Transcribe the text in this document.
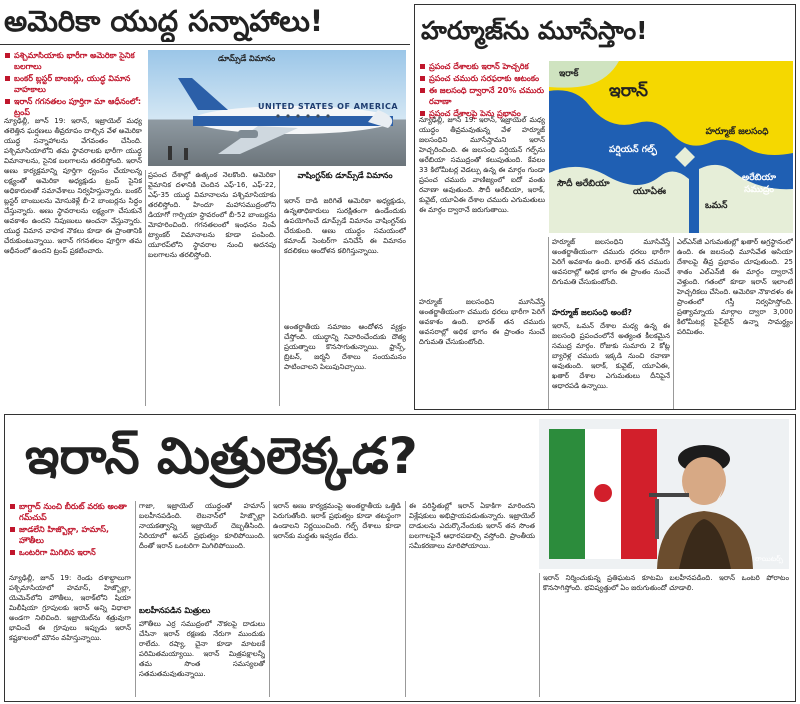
అమెరికా యుద్ధ సన్నాహాలు!
పశ్చిమాసియాకు భారీగా అమెరికా సైనిక బలగాలు
బంకర్ బ్లస్టర్ బాంబర్లు, యుద్ధ విమాన వాహకాలు
ఇరాన్ గగనతలం పూర్తిగా మా ఆధీనంలో: ట్రంప్
UNITED STATES OF AMERICA
డూమ్స్‌డే విమానం
న్యూఢిల్లీ, జూన్ 19: ఇరాన్, ఇజ్రాయెల్ మధ్య తలెత్తిన ఘర్షణలు తీవ్రరూపం దాల్చిన వేళ అమెరికా యుద్ధ సన్నాహాలను వేగవంతం చేసింది. పశ్చిమాసియాలోని తమ స్థావరాలకు భారీగా యుద్ధ విమానాలను, సైనిక బలగాలను తరలిస్తోంది. ఇరాన్ అణు కార్యక్రమాన్ని పూర్తిగా ధ్వంసం చేయాలన్న లక్ష్యంతో అమెరికా అధ్యక్షుడు ట్రంప్ సైనిక అధికారులతో సమావేశాలు నిర్వహిస్తున్నారు. బంకర్ బ్లస్టర్ బాంబులను మోసుకెళ్లే బీ-2 బాంబర్లను సిద్ధం చేస్తున్నారు. అణు స్థావరాలను లక్ష్యంగా చేసుకునే అవకాశం ఉందని నిపుణులు అంచనా వేస్తున్నారు. యుద్ధ విమాన వాహక నౌకలు కూడా ఈ ప్రాంతానికి చేరుకుంటున్నాయి. ఇరాన్ గగనతలం పూర్తిగా తమ ఆధీనంలో ఉందని ట్రంప్ ప్రకటించారు.
ప్రపంచ దేశాల్లో ఉత్కంఠ నెలకొంది. అమెరికా వైమానిక దళానికి చెందిన ఎఫ్-16, ఎఫ్-22, ఎఫ్-35 యుద్ధ విమానాలను పశ్చిమాసియాకు తరలిస్తోంది. హిందూ మహాసముద్రంలోని డియాగో గార్సియా స్థావరంలో బీ-52 బాంబర్లను మోహరించింది. గగనతలంలో ఇంధనం నింపే ట్యాంకర్ విమానాలను కూడా పంపింది. యూరప్‌లోని స్థావరాల నుంచి అదనపు బలగాలను తరలిస్తోంది.
వాషింగ్టన్‌కు డూమ్స్‌డే విమానం
ఇరాన్ దాడి జరిగితే అమెరికా అధ్యక్షుడు, ఉన్నతాధికారులు సురక్షితంగా ఉండేందుకు ఉపయోగించే డూమ్స్‌డే విమానం వాషింగ్టన్‌కు చేరుకుంది. అణు యుద్ధం సమయంలో కమాండ్ సెంటర్‌గా పనిచేసే ఈ విమానం కదలికలు ఆందోళన కలిగిస్తున్నాయి.
అంతర్జాతీయ సమాజం ఆందోళన వ్యక్తం చేస్తోంది. యుద్ధాన్ని నివారించేందుకు దౌత్య ప్రయత్నాలు కొనసాగుతున్నాయి. ఫ్రాన్స్, బ్రిటన్, జర్మనీ దేశాలు సంయమనం పాటించాలని పిలుపునిచ్చాయి.
హర్మూజ్‌ను మూసేస్తాం!
ప్రపంచ దేశాలకు ఇరాన్ హెచ్చరిక
ప్రపంచ చమురు సరఫరాకు ఆటంకం
ఈ జలసంధి ద్వారానే 20% చమురు రవాణా
ప్రపంచ దేశాలపై పెను ప్రభావం
ఇరాక్
ఇరాన్
హర్మూజ్ జలసంధి
పర్షియన్ గల్ఫ్
సౌదీ అరేబియా
యూఏఈ
ఒమన్
అరేబియా సముద్రం
న్యూఢిల్లీ, జూన్ 19: ఇరాన్, ఇజ్రాయెల్ మధ్య యుద్ధం తీవ్రమవుతున్న వేళ హర్మూజ్ జలసంధిని మూసేస్తామని ఇరాన్ హెచ్చరించింది. ఈ జలసంధి పర్షియన్ గల్ఫ్‌ను అరేబియా సముద్రంతో కలుపుతుంది. కేవలం 33 కిలోమీటర్ల వెడల్పు ఉన్న ఈ మార్గం గుండా ప్రపంచ చమురు వాణిజ్యంలో ఐదో వంతు రవాణా అవుతుంది. సౌదీ అరేబియా, ఇరాక్, కువైట్, యూఏఈ దేశాల చమురు ఎగుమతులు ఈ మార్గం ద్వారానే జరుగుతాయి.
హర్మూజ్ జలసంధిని మూసివేస్తే అంతర్జాతీయంగా చమురు ధరలు భారీగా పెరిగే అవకాశం ఉంది. భారత్ తన చమురు అవసరాల్లో అధిక భాగం ఈ ప్రాంతం నుంచే దిగుమతి చేసుకుంటోంది.
హర్మూజ్ జలసంధిని మూసివేస్తే అంతర్జాతీయంగా చమురు ధరలు భారీగా పెరిగే అవకాశం ఉంది. భారత్ తన చమురు అవసరాల్లో అధిక భాగం ఈ ప్రాంతం నుంచే దిగుమతి చేసుకుంటోంది.
హర్మూజ్ జలసంధి అంటే?
ఇరాన్, ఒమన్ దేశాల మధ్య ఉన్న ఈ జలసంధి ప్రపంచంలోనే అత్యంత కీలకమైన సముద్ర మార్గం. రోజుకు సుమారు 2 కోట్ల బ్యారెళ్ల చమురు ఇక్కడి నుంచి రవాణా అవుతుంది. ఇరాక్, కువైట్, యూఏఈ, ఖతార్ దేశాల ఎగుమతులు దీనిపైనే ఆధారపడి ఉన్నాయి.
ఎల్ఎన్‌జీ ఎగుమతుల్లో ఖతార్ అగ్రస్థానంలో ఉంది. ఈ జలసంధి మూసివేత ఆసియా దేశాలపై తీవ్ర ప్రభావం చూపుతుంది. 25 శాతం ఎల్ఎన్‌జీ ఈ మార్గం ద్వారానే వెళ్తుంది. గతంలో కూడా ఇరాన్ ఇలాంటి హెచ్చరికలు చేసింది. అమెరికా నౌకాదళం ఈ ప్రాంతంలో గస్తీ నిర్వహిస్తోంది. ప్రత్యామ్నాయ మార్గాల ద్వారా 3,000 కిలోమీటర్ల పైప్‌లైన్ ఉన్నా సామర్థ్యం పరిమితం.
ఇరాన్ మిత్రులెక్కడ?
రాయిటర్స్
బాగ్దాద్ నుంచి బీరుట్ వరకు అంతా గమ్‌చుప్
జాడలేని హిజ్బొల్లా, హమాస్, హౌతీలు
ఒంటరిగా మిగిలిన ఇరాన్
న్యూఢిల్లీ, జూన్ 19: రెండు దశాబ్దాలుగా పశ్చిమాసియాలో హమాస్, హిజ్బొల్లా, యెమెన్‌లోని హౌతీలు, ఇరాక్‌లోని షియా మిలీషియా గ్రూపులకు ఇరాన్ అన్ని విధాలా అండగా నిలిచింది. ఇజ్రాయెల్‌ను శత్రువుగా భావించే ఈ గ్రూపులు ఇప్పుడు ఇరాన్ కష్టకాలంలో మౌనం వహిస్తున్నాయి.
గాజా, ఇజ్రాయెల్ యుద్ధంతో హమాస్ బలహీనపడింది. లెబనాన్‌లో హిజ్బొల్లా నాయకత్వాన్ని ఇజ్రాయెల్ దెబ్బతీసింది. సిరియాలో అసద్ ప్రభుత్వం కూలిపోయింది. దీంతో ఇరాన్ ఒంటరిగా మిగిలిపోయింది.
బలహీనపడిన మిత్రులు
హౌతీలు ఎర్ర సముద్రంలో నౌకలపై దాడులు చేసినా ఇరాన్ రక్షణకు నేరుగా ముందుకు రాలేదు. రష్యా, చైనా కూడా మాటలకే పరిమితమయ్యాయి. ఇరాన్ మిత్రపక్షాలన్నీ తమ సొంత సమస్యలతో సతమతమవుతున్నాయి.
ఇరాన్ అణు కార్యక్రమంపై అంతర్జాతీయ ఒత్తిడి పెరుగుతోంది. ఇరాక్ ప్రభుత్వం కూడా తటస్థంగా ఉండాలని నిర్ణయించింది. గల్ఫ్ దేశాలు కూడా ఇరాన్‌కు మద్దతు ఇవ్వడం లేదు.
ఈ పరిస్థితుల్లో ఇరాన్ ఏకాకిగా మారిందని విశ్లేషకులు అభిప్రాయపడుతున్నారు. ఇజ్రాయెల్ దాడులను ఎదుర్కొనేందుకు ఇరాన్ తన సొంత బలగాలపైనే ఆధారపడాల్సి వస్తోంది. ప్రాంతీయ సమీకరణాలు మారిపోయాయి.
ఇరాన్ నిర్మించుకున్న ప్రతిఘటన కూటమి బలహీనపడింది. ఇరాన్ ఒంటరి పోరాటం కొనసాగిస్తోంది. భవిష్యత్తులో ఏం జరుగుతుందో చూడాలి.
